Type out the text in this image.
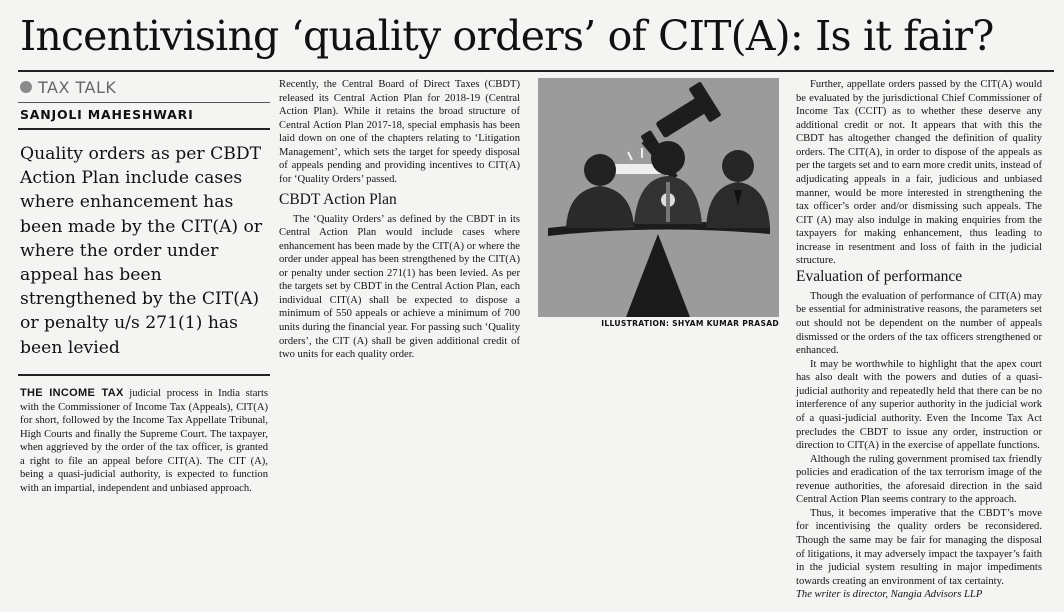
Incentivising ‘quality orders’ of CIT(A): Is it fair?
TAX TALK
SANJOLI MAHESHWARI

Quality orders as per CBDT Action Plan include cases where enhancement has been made by the CIT(A) or where the order under appeal has been strengthened by the CIT(A) or penalty u/s 271(1) has been levied

THE INCOME TAX judicial process in India starts with the Commissioner of Income Tax (Appeals), CIT(A) for short, followed by the Income Tax Appellate Tribunal, High Courts and finally the Supreme Court. The taxpayer, when aggrieved by the order of the tax officer, is granted a right to file an appeal before CIT(A). The CIT (A), being a quasi-judicial authority, is expected to function with an impartial, independent and unbiased approach.

Recently, the Central Board of Direct Taxes (CBDT) released its Central Action Plan for 2018-19 (Central Action Plan). While it retains the broad structure of Central Action Plan 2017-18, special emphasis has been laid down on one of the chapters relating to ‘Litigation Management’, which sets the target for speedy disposal of appeals pending and providing incentives to CIT(A) for ‘Quality Orders’ passed.

CBDT Action Plan

The ‘Quality Orders’ as defined by the CBDT in its Central Action Plan would include cases where enhancement has been made by the CIT(A) or where the order under appeal has been strengthened by the CIT(A) or penalty under section 271(1) has been levied. As per the targets set by CBDT in the Central Action Plan, each individual CIT(A) shall be expected to dispose a minimum of 550 appeals or achieve a minimum of 700 units during the financial year. For passing such ‘Quality orders’, the CIT (A) shall be given additional credit of two units for each quality order.

ILLUSTRATION: SHYAM KUMAR PRASAD

Further, appellate orders passed by the CIT(A) would be evaluated by the jurisdictional Chief Commissioner of Income Tax (CCIT) as to whether these deserve any additional credit or not. It appears that with this the CBDT has altogether changed the definition of quality orders. The CIT(A), in order to dispose of the appeals as per the targets set and to earn more credit units, instead of adjudicating appeals in a fair, judicious and unbiased manner, would be more interested in strengthening the tax officer’s order and/or dismissing such appeals. The CIT (A) may also indulge in making enquiries from the taxpayers for making enhancement, thus leading to increase in resentment and loss of faith in the judicial structure.

Evaluation of performance

Though the evaluation of performance of CIT(A) may be essential for administrative reasons, the parameters set out should not be dependent on the number of appeals dismissed or the orders of the tax officers strengthened or enhanced.

It may be worthwhile to highlight that the apex court has also dealt with the powers and duties of a quasi-judicial authority and repeatedly held that there can be no interference of any superior authority in the judicial work of a quasi-judicial authority. Even the Income Tax Act precludes the CBDT to issue any order, instruction or direction to CIT(A) in the exercise of appellate functions.

Although the ruling government promised tax friendly policies and eradication of the tax terrorism image of the revenue authorities, the aforesaid direction in the said Central Action Plan seems contrary to the approach.

Thus, it becomes imperative that the CBDT’s move for incentivising the quality orders be reconsidered. Though the same may be fair for managing the disposal of litigations, it may adversely impact the taxpayer’s faith in the judicial system resulting in major impediments towards creating an environment of tax certainty.

The writer is director, Nangia Advisors LLP
